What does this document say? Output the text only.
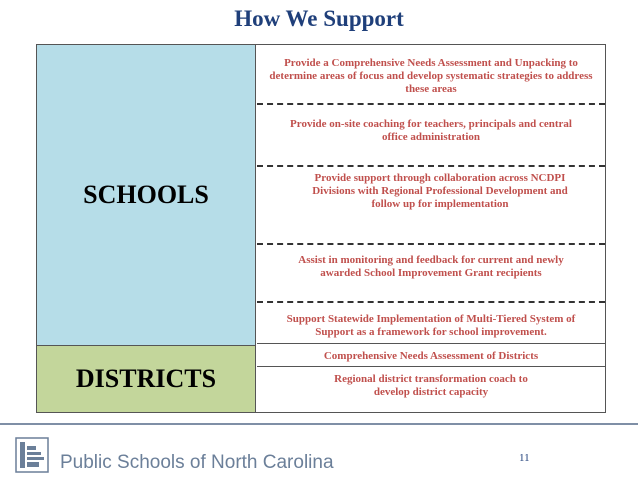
How We Support
SCHOOLS
Provide a Comprehensive Needs Assessment and Unpacking to determine areas of focus and develop systematic strategies to address these areas
Provide on-site coaching for teachers, principals and central office administration
Provide support through collaboration across NCDPI Divisions with Regional Professional Development and follow up for implementation
Assist in monitoring and feedback for current and newly awarded School Improvement Grant recipients
Support Statewide Implementation of Multi-Tiered System of Support as a framework for school improvement.
DISTRICTS
Comprehensive Needs Assessment of Districts
Regional district transformation coach to develop district capacity
Public Schools of North Carolina	11
